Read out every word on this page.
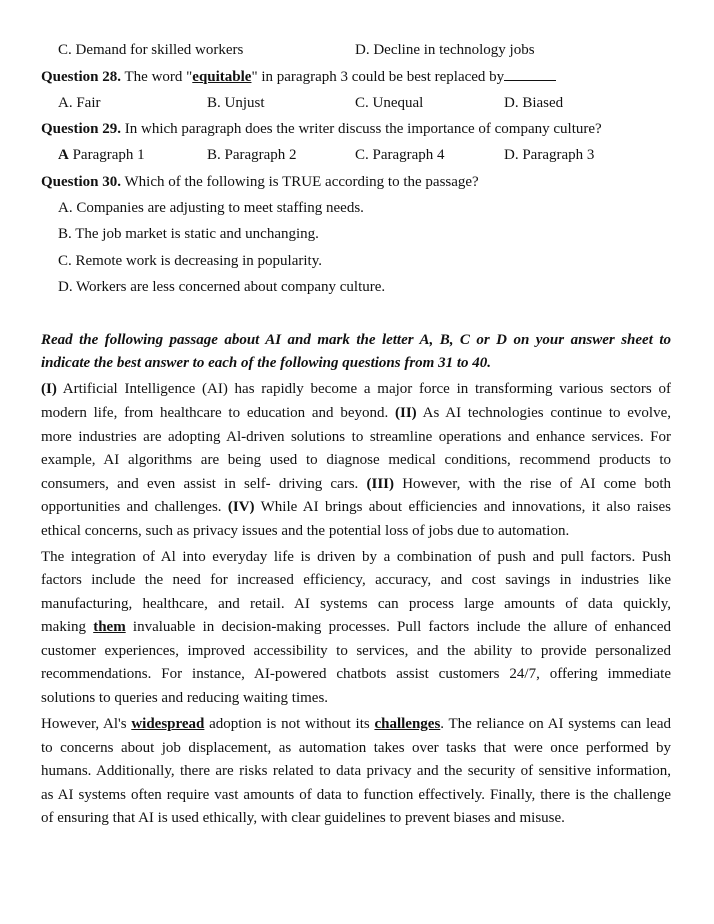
C. Demand for skilled workers	D. Decline in technology jobs
Question 28. The word "equitable" in paragraph 3 could be best replaced by
A. Fair	B. Unjust	C. Unequal	D. Biased
Question 29. In which paragraph does the writer discuss the importance of company culture?
A Paragraph 1	B. Paragraph 2	C. Paragraph 4	D. Paragraph 3
Question 30. Which of the following is TRUE according to the passage?
A. Companies are adjusting to meet staffing needs.
B. The job market is static and unchanging.
C. Remote work is decreasing in popularity.
D. Workers are less concerned about company culture.
Read the following passage about AI and mark the letter A, B, C or D on your answer sheet to
indicate the best answer to each of the following questions from 31 to 40.
(I) Artificial Intelligence (AI) has rapidly become a major force in transforming various sectors of
modern life, from healthcare to education and beyond. (II) As AI technologies continue to evolve,
more industries are adopting Al-driven solutions to streamline operations and enhance services. For
example, AI algorithms are being used to diagnose medical conditions, recommend products to
consumers, and even assist in self- driving cars. (III) However, with the rise of AI come both
opportunities and challenges. (IV) While AI brings about efficiencies and innovations, it also raises
ethical concerns, such as privacy issues and the potential loss of jobs due to automation.
The integration of Al into everyday life is driven by a combination of push and pull factors. Push
factors include the need for increased efficiency, accuracy, and cost savings in industries like
manufacturing, healthcare, and retail. AI systems can process large amounts of data quickly,
making them invaluable in decision-making processes. Pull factors include the allure of enhanced
customer experiences, improved accessibility to services, and the ability to provide personalized
recommendations. For instance, AI-powered chatbots assist customers 24/7, offering immediate
solutions to queries and reducing waiting times.
However, Al's widespread adoption is not without its challenges. The reliance on AI systems can lead
to concerns about job displacement, as automation takes over tasks that were once performed by
humans. Additionally, there are risks related to data privacy and the security of sensitive information,
as AI systems often require vast amounts of data to function effectively. Finally, there is the challenge
of ensuring that AI is used ethically, with clear guidelines to prevent biases and misuse.
